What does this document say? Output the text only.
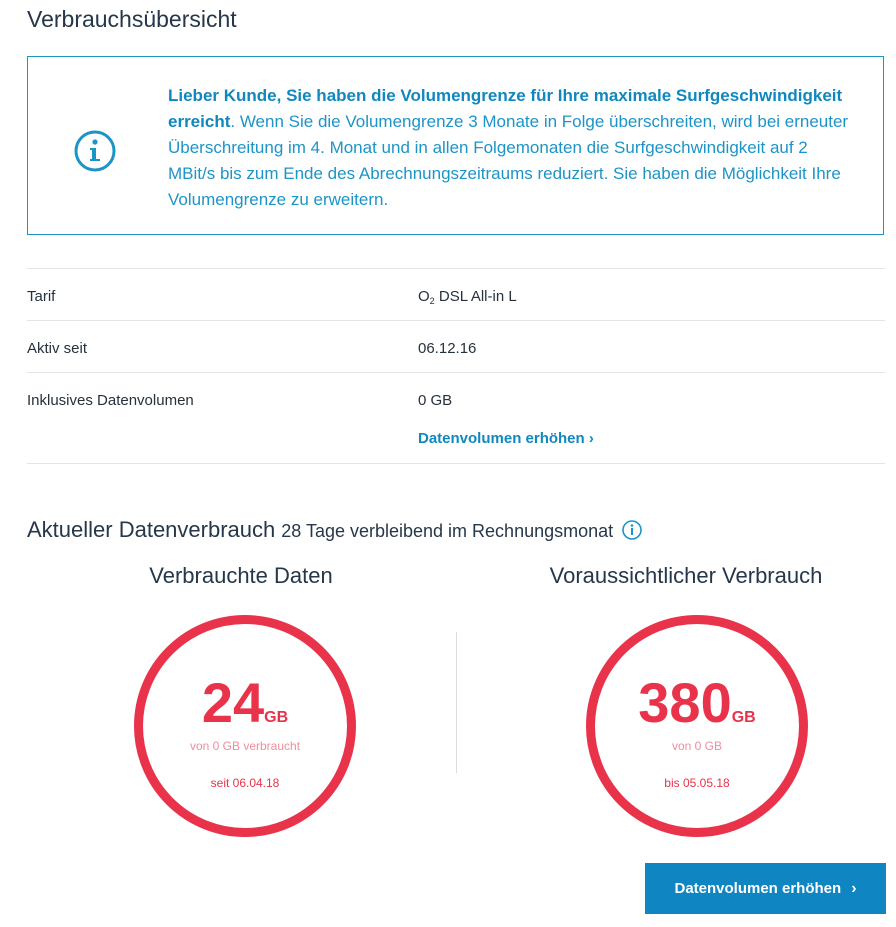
Verbrauchsübersicht
Lieber Kunde, Sie haben die Volumengrenze für Ihre maximale Surfgeschwindigkeit erreicht. Wenn Sie die Volumengrenze 3 Monate in Folge überschreiten, wird bei erneuter Überschreitung im 4. Monat und in allen Folgemonaten die Surfgeschwindigkeit auf 2 MBit/s bis zum Ende des Abrechnungszeitraums reduziert. Sie haben die Möglichkeit Ihre Volumengrenze zu erweitern.
Tarif	$O_2$ DSL All-in L
Aktiv seit	06.12.16
Inklusives Datenvolumen	0 GB
Datenvolumen erhöhen ›
Aktueller Datenverbrauch 28 Tage verbleibend im Rechnungsmonat
Verbrauchte Daten	Voraussichtlicher Verbrauch
24GB
von 0 GB verbraucht
seit 06.04.18
380GB
von 0 GB
bis 05.05.18
Datenvolumen erhöhen ›
